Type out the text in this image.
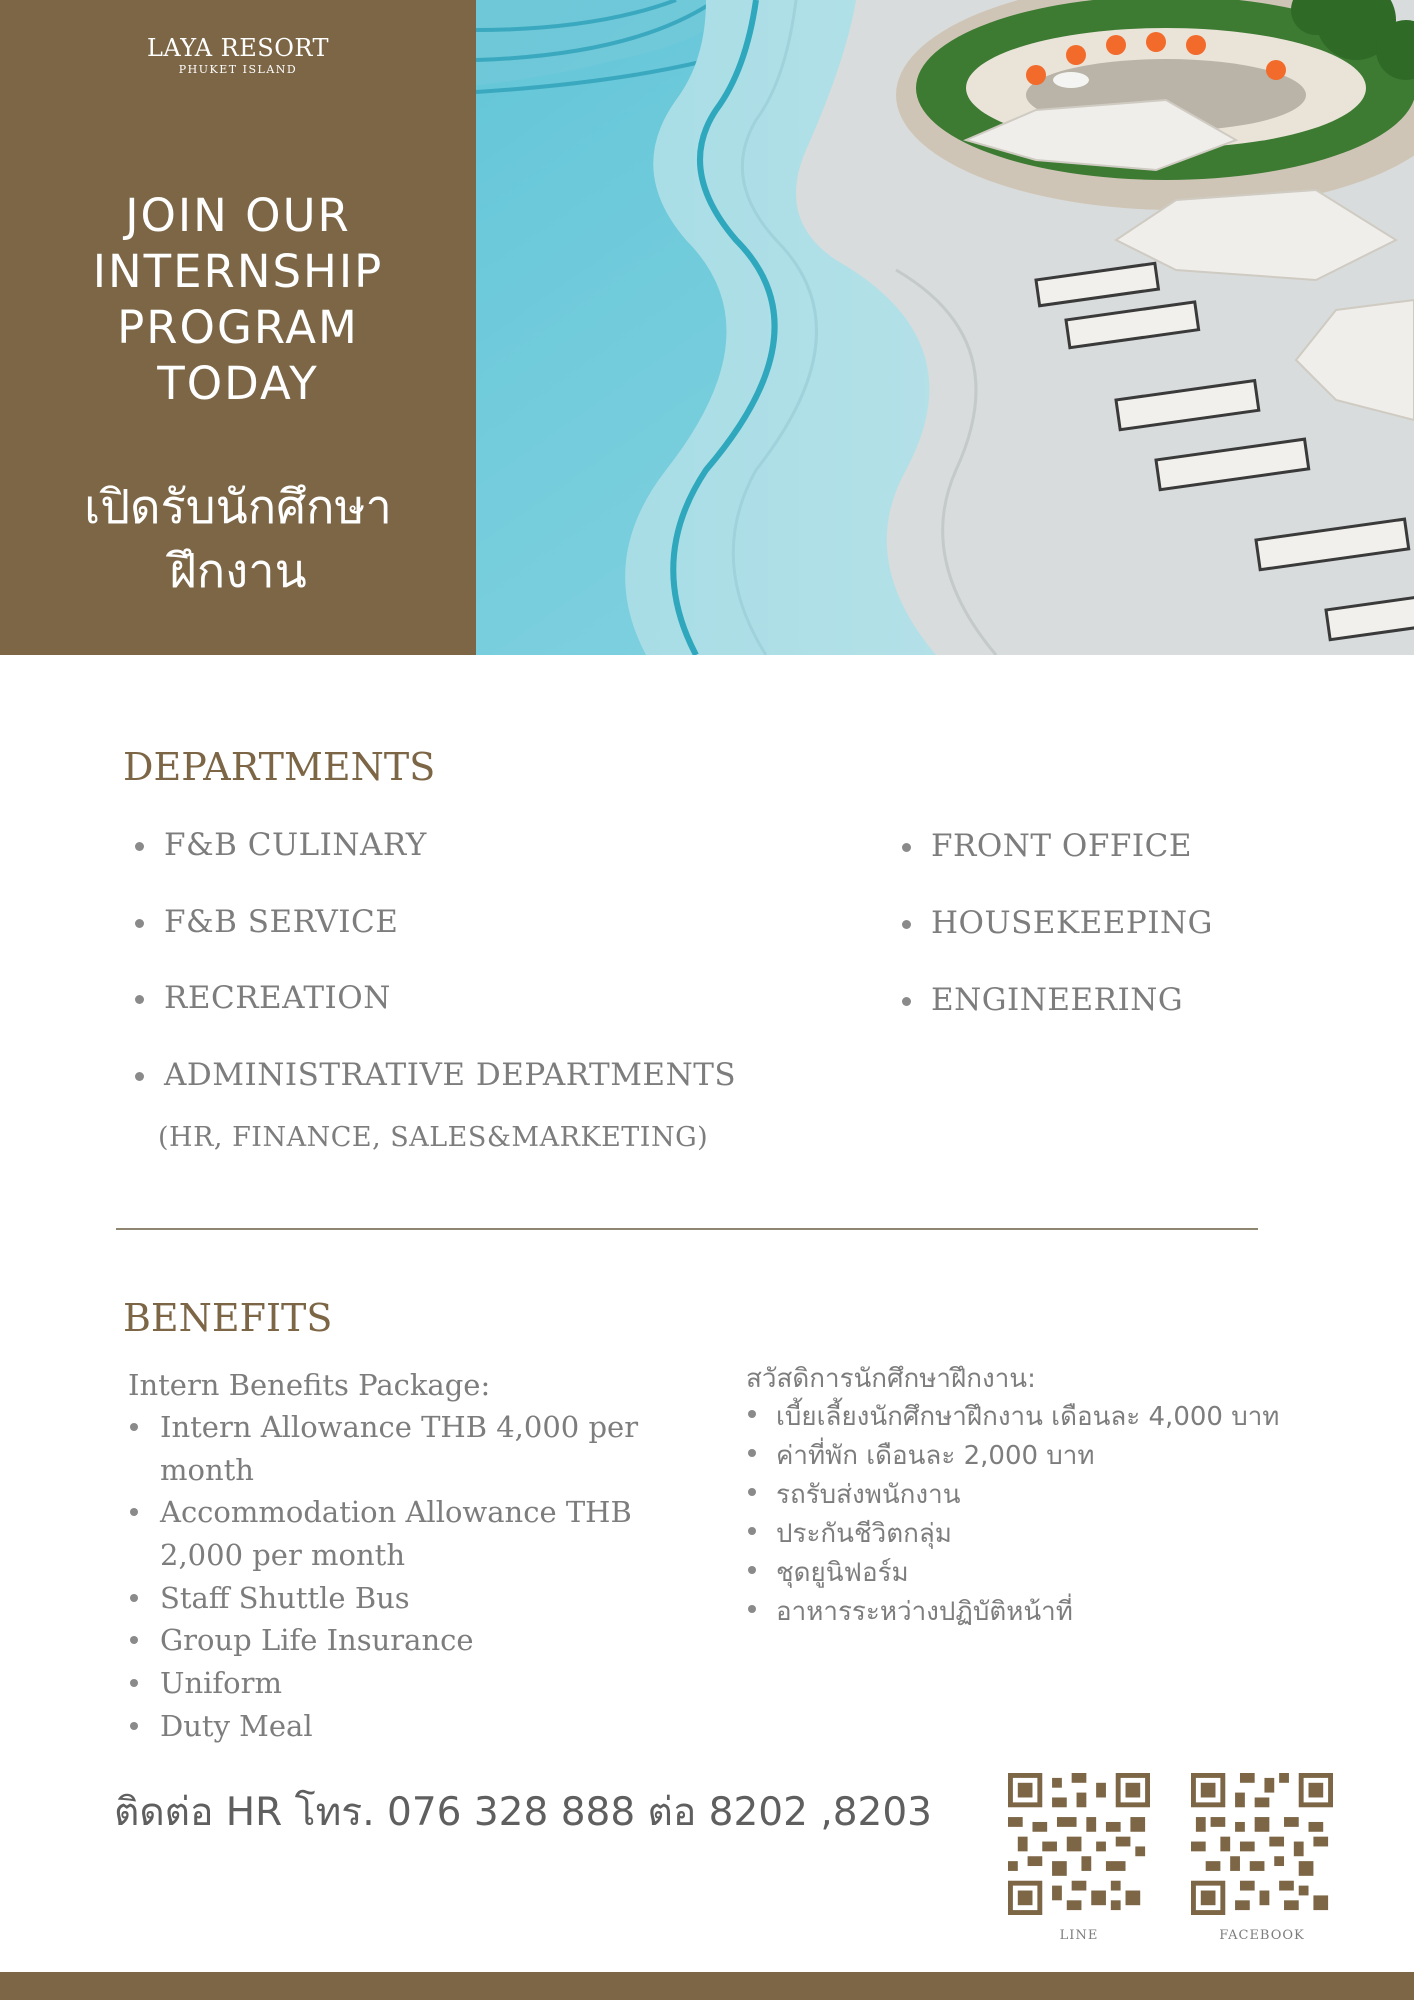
LAYA RESORT
PHUKET ISLAND
JOIN OUR
INTERNSHIP
PROGRAM
TODAY
เปิดรับนักศึกษา
ฝึกงาน
DEPARTMENTS
F&B CULINARY
F&B SERVICE
RECREATION
ADMINISTRATIVE DEPARTMENTS
(HR, FINANCE, SALES&MARKETING)
FRONT OFFICE
HOUSEKEEPING
ENGINEERING
BENEFITS
Intern Benefits Package:
Intern Allowance THB 4,000 per month
Accommodation Allowance THB 2,000 per month
Staff Shuttle Bus
Group Life Insurance
Uniform
Duty Meal
สวัสดิการนักศึกษาฝึกงาน:
เบี้ยเลี้ยงนักศึกษาฝึกงาน เดือนละ 4,000 บาท
ค่าที่พัก เดือนละ 2,000 บาท
รถรับส่งพนักงาน
ประกันชีวิตกลุ่ม
ชุดยูนิฟอร์ม
อาหารระหว่างปฏิบัติหน้าที่
ติดต่อ HR โทร. 076 328 888 ต่อ 8202 ,8203
LINE	FACEBOOK
